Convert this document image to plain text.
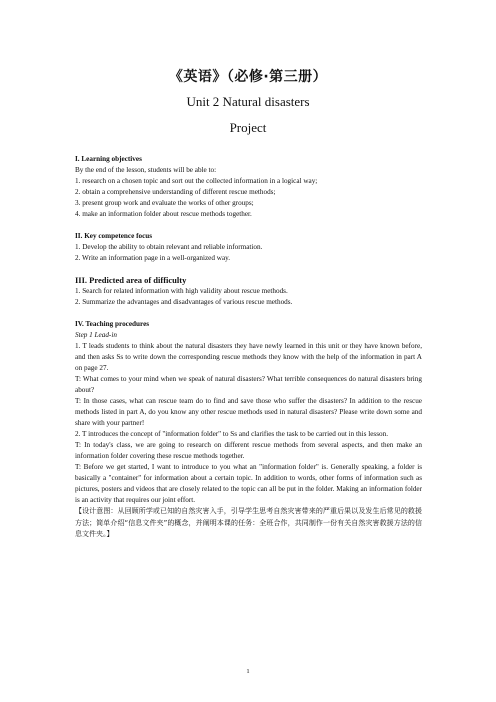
《英语》（必修·第三册）
Unit 2 Natural disasters
Project

I. Learning objectives

By the end of the lesson, students will be able to:

1. research on a chosen topic and sort out the collected information in a logical way;

2. obtain a comprehensive understanding of different rescue methods;

3. present group work and evaluate the works of other groups;

4. make an information folder about rescue methods together.

II. Key competence focus

1. Develop the ability to obtain relevant and reliable information.

2. Write an information page in a well-organized way.

III. Predicted area of difficulty

1. Search for related information with high validity about rescue methods.

2. Summarize the advantages and disadvantages of various rescue methods.

IV. Teaching procedures

Step 1 Lead-in

1. T leads students to think about the natural disasters they have newly learned in this unit or they have known before, and then asks Ss to write down the corresponding rescue methods they know with the help of the information in part A on page 27.

T: What comes to your mind when we speak of natural disasters? What terrible consequences do natural disasters bring about?

T: In those cases, what can rescue team do to find and save those who suffer the disasters? In addition to the rescue methods listed in part A, do you know any other rescue methods used in natural disasters? Please write down some and share with your partner!

2. T introduces the concept of "information folder" to Ss and clarifies the task to be carried out in this lesson.

T: In today's class, we are going to research on different rescue methods from several aspects, and then make an information folder covering these rescue methods together.

T: Before we get started, I want to introduce to you what an "information folder" is. Generally speaking, a folder is basically a "container" for information about a certain topic. In addition to words, other forms of information such as pictures, posters and videos that are closely related to the topic can all be put in the folder. Making an information folder is an activity that requires our joint effort.

【设计意图：从回顾所学或已知的自然灾害入手，引导学生思考自然灾害带来的严重后果以及发生后常见的救援方法；简单介绍“信息文件夹”的概念，并阐明本课的任务：全班合作，共同制作一份有关自然灾害救援方法的信息文件夹。】

1
